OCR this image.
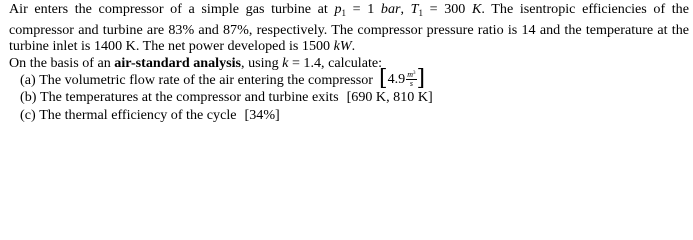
Air enters the compressor of a simple gas turbine at $p_1 = 1$ bar, $T_1 = 300$ K. The isentropic efficiencies of the compressor and turbine are 83% and 87%, respectively. The compressor pressure ratio is 14 and the temperature at the turbine inlet is 1400 K. The net power developed is 1500 kW.
On the basis of an air-standard analysis, using k = 1.4, calculate:

(a)
The volumetric flow rate of the air entering the compressor [ $4.9 \frac{m^3}{s}$ ]
(b)
The temperatures at the compressor and turbine exits [690 K, 810 K]
(c)
The thermal efficiency of the cycle [34%]
